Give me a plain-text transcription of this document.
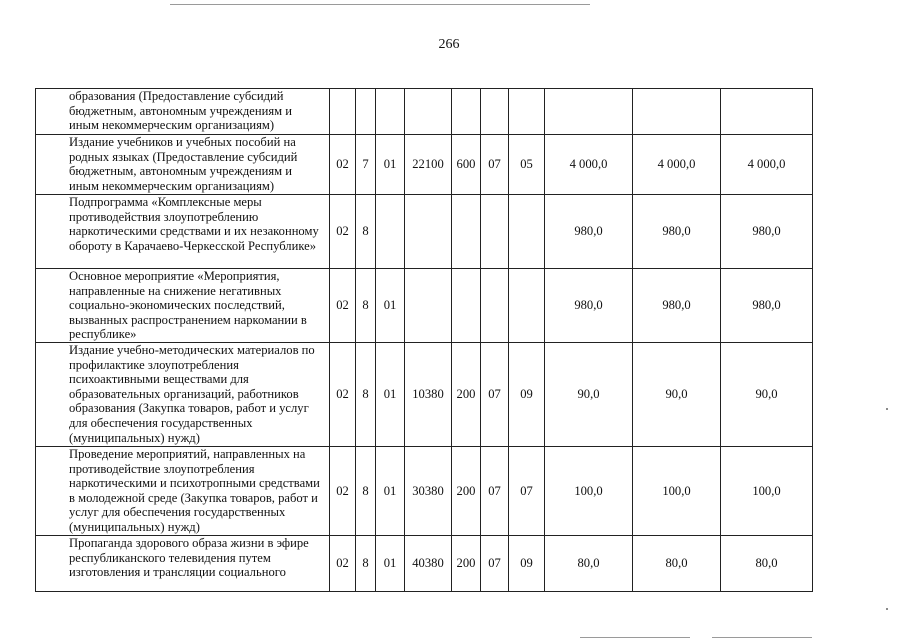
266
образования (Предоставление субсидий бюджетным, автономным учреждениям и иным некоммерческим организациям)										
Издание учебников и учебных пособий на родных языках (Предоставление субсидий бюджетным, автономным учреждениям и иным некоммерческим организациям)	02	7	01	22100	600	07	05	4 000,0	4 000,0	4 000,0
Подпрограмма «Комплексные меры противодействия злоупотреблению наркотическими средствами и их незаконному обороту в Карачаево-Черкесской Республике»	02	8						980,0	980,0	980,0
Основное мероприятие «Мероприятия, направленные на снижение негативных социально-экономических последствий, вызванных распространением наркомании в республике»	02	8	01					980,0	980,0	980,0
Издание учебно-методических материалов по профилактике злоупотребления психоактивными веществами для образовательных организаций, работников образования (Закупка товаров, работ и услуг для обеспечения государственных (муниципальных) нужд)	02	8	01	10380	200	07	09	90,0	90,0	90,0
Проведение мероприятий, направленных на противодействие злоупотребления наркотическими и психотропными средствами в молодежной среде (Закупка товаров, работ и услуг для обеспечения государственных (муниципальных) нужд)	02	8	01	30380	200	07	07	100,0	100,0	100,0
Пропаганда здорового образа жизни в эфире республиканского телевидения путем изготовления и трансляции социального	02	8	01	40380	200	07	09	80,0	80,0	80,0
